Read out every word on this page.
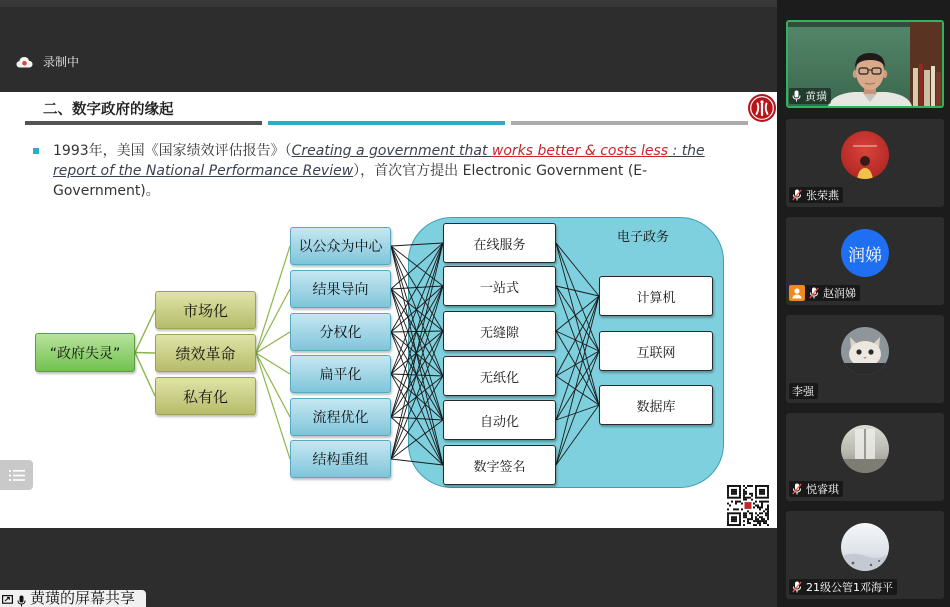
录制中
二、数字政府的缘起

1993年，美国《国家绩效评估报告》（Creating a government that works better & costs less : the report of the National Performance Review），首次官方提出 Electronic Government (E-Government)。

电子政务
“政府失灵”
市场化
绩效革命
私有化
以公众为中心
结果导向
分权化
扁平化
流程优化
结构重组
在线服务
一站式
无缝隙
无纸化
自动化
数字签名
计算机
互联网
数据库
黄璜的屏幕共享
黄璜
张荣燕
润娣
赵润娣
李强
悦睿琪
21级公管1邓海平
